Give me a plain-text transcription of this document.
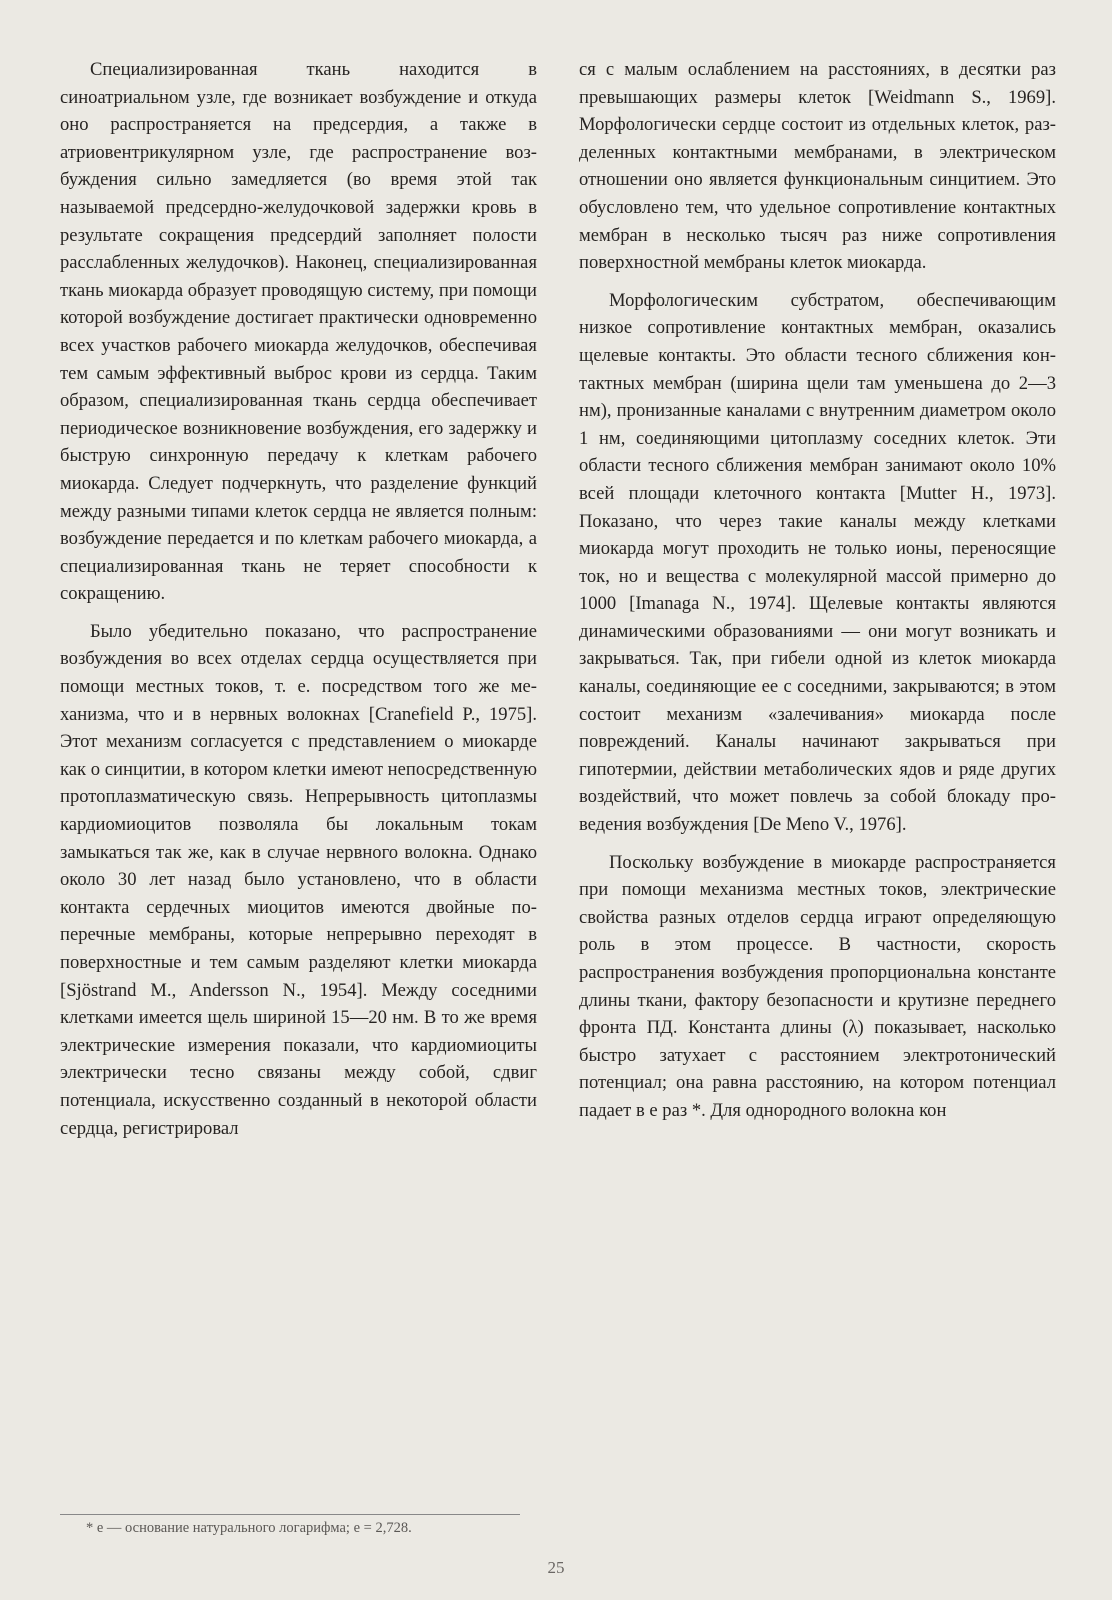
Специализированная ткань находится в синоатриальном узле, где возникает возбуждение и откуда оно распространяется на предсердия, а также в атриовентрикулярном узле, где распространение возбуждения сильно замедляется (во время этой так называемой предсердно-желудочковой задержки кровь в результате сокращения предсердий заполняет полости расслабленных желудочков). Наконец, специализированная ткань миокарда образует проводящую систему, при помощи которой возбуждение достигает практически одновременно всех участков рабочего миокарда желудочков, обеспечивая тем самым эффективный выброс крови из сердца. Таким образом, специализированная ткань сердца обеспечивает периодическое возникновение возбуждения, его задержку и быструю синхронную передачу к клеткам рабочего миокарда. Следует подчеркнуть, что разделение функций между разными типами клеток сердца не является полным: возбуждение передается и по клеткам рабочего миокарда, а специализированная ткань не теряет способности к сокращению.

Было убедительно показано, что распространение возбуждения во всех отделах сердца осуществляется при помощи местных токов, т. е. посредством того же механизма, что и в нервных волокнах [Cranefield P., 1975]. Этот механизм согласуется с представлением о миокарде как о синцитии, в котором клетки имеют непосредственную протоплазматическую связь. Непрерывность цитоплазмы кардиомиоцитов позволяла бы локальным токам замыкаться так же, как в случае нервного волокна. Однако около 30 лет назад было установлено, что в области контакта сердечных миоцитов имеются двойные поперечные мембраны, которые непрерывно переходят в поверхностные и тем самым разделяют клетки миокарда [Sjöstrand M., Andersson N., 1954]. Между соседними клетками имеется щель шириной 15—20 нм. В то же время электрические измерения показали, что кардиомиоциты электрически тесно связаны между собой, сдвиг потенциала, искусственно созданный в некоторой области сердца, регистрировал

ся с малым ослаблением на расстояниях, в десятки раз превышающих размеры клеток [Weidmann S., 1969]. Морфологически сердце состоит из отдельных клеток, разделенных контактными мембранами, в электрическом отношении оно является функциональным синцитием. Это обусловлено тем, что удельное сопротивление контактных мембран в несколько тысяч раз ниже сопротивления поверхностной мембраны клеток миокарда.

Морфологическим субстратом, обеспечивающим низкое сопротивление контактных мембран, оказались щелевые контакты. Это области тесного сближения контактных мембран (ширина щели там уменьшена до 2—3 нм), пронизанные каналами с внутренним диаметром около 1 нм, соединяющими цитоплазму соседних клеток. Эти области тесного сближения мембран занимают около 10% всей площади клеточного контакта [Mutter H., 1973]. Показано, что через такие каналы между клетками миокарда могут проходить не только ионы, переносящие ток, но и вещества с молекулярной массой примерно до 1000 [Imanaga N., 1974]. Щелевые контакты являются динамическими образованиями — они могут возникать и закрываться. Так, при гибели одной из клеток миокарда каналы, соединяющие ее с соседними, закрываются; в этом состоит механизм «залечивания» миокарда после повреждений. Каналы начинают закрываться при гипотермии, действии метаболических ядов и ряде других воздействий, что может повлечь за собой блокаду проведения возбуждения [De Meno V., 1976].

Поскольку возбуждение в миокарде распространяется при помощи механизма местных токов, электрические свойства разных отделов сердца играют определяющую роль в этом процессе. В частности, скорость распространения возбуждения пропорциональна константе длины ткани, фактору безопасности и крутизне переднего фронта ПД. Константа длины (λ) показывает, насколько быстро затухает с расстоянием электротонический потенциал; она равна расстоянию, на котором потенциал падает в e раз *. Для однородного волокна кон

* e — основание натурального логарифма; e = 2,728.
25
